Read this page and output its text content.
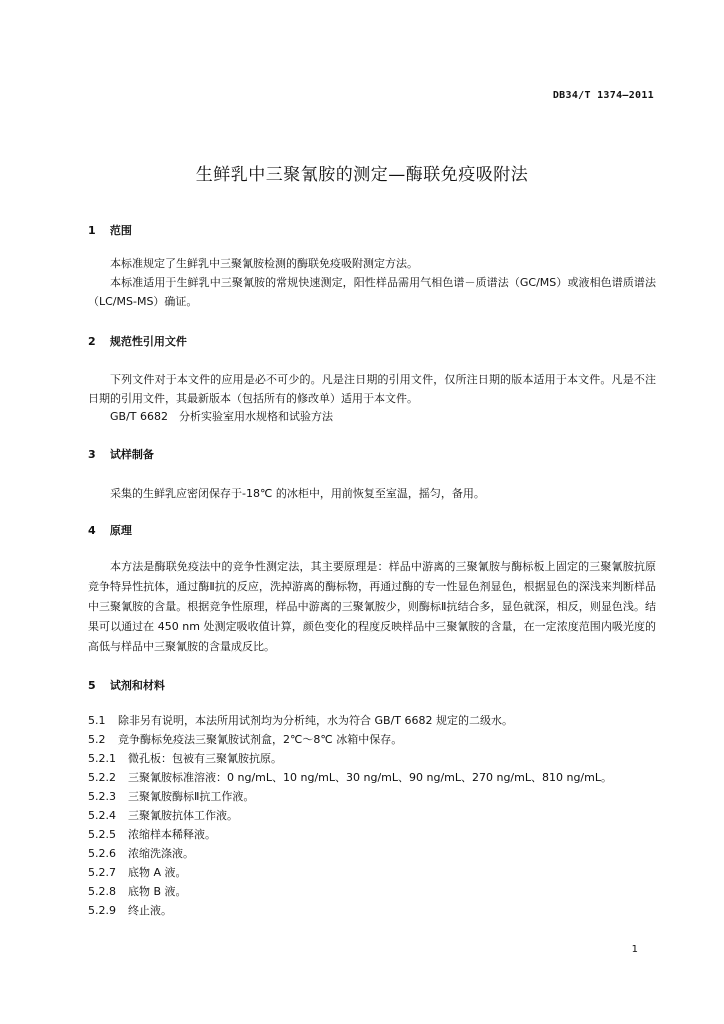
DB34/T 1374—2011
生鲜乳中三聚氰胺的测定—酶联免疫吸附法
1 范围

本标准规定了生鲜乳中三聚氰胺检测的酶联免疫吸附测定方法。

本标准适用于生鲜乳中三聚氰胺的常规快速测定，阳性样品需用气相色谱－质谱法（GC/MS）或液相色谱质谱法（LC/MS-MS）确证。

2 规范性引用文件

下列文件对于本文件的应用是必不可少的。凡是注日期的引用文件，仅所注日期的版本适用于本文件。凡是不注日期的引用文件，其最新版本（包括所有的修改单）适用于本文件。

GB/T 6682　分析实验室用水规格和试验方法

3 试样制备

采集的生鲜乳应密闭保存于-18℃ 的冰柜中，用前恢复至室温，摇匀，备用。

4 原理

本方法是酶联免疫法中的竞争性测定法，其主要原理是：样品中游离的三聚氰胺与酶标板上固定的三聚氰胺抗原竞争特异性抗体，通过酶Ⅱ抗的反应，洗掉游离的酶标物，再通过酶的专一性显色剂显色，根据显色的深浅来判断样品中三聚氰胺的含量。根据竞争性原理，样品中游离的三聚氰胺少，则酶标Ⅱ抗结合多，显色就深，相反，则显色浅。结果可以通过在 450 nm 处测定吸收值计算，颜色变化的程度反映样品中三聚氰胺的含量，在一定浓度范围内吸光度的高低与样品中三聚氰胺的含量成反比。

5 试剂和材料
5.1 除非另有说明，本法所用试剂均为分析纯，水为符合 GB/T 6682 规定的二级水。
5.2 竞争酶标免疫法三聚氰胺试剂盒，2℃～8℃ 冰箱中保存。
5.2.1 微孔板：包被有三聚氰胺抗原。
5.2.2 三聚氰胺标准溶液：0 ng/mL、10 ng/mL、30 ng/mL、90 ng/mL、270 ng/mL、810 ng/mL。
5.2.3 三聚氰胺酶标Ⅱ抗工作液。
5.2.4 三聚氰胺抗体工作液。
5.2.5 浓缩样本稀释液。
5.2.6 浓缩洗涤液。
5.2.7 底物 A 液。
5.2.8 底物 B 液。
5.2.9 终止液。
1
